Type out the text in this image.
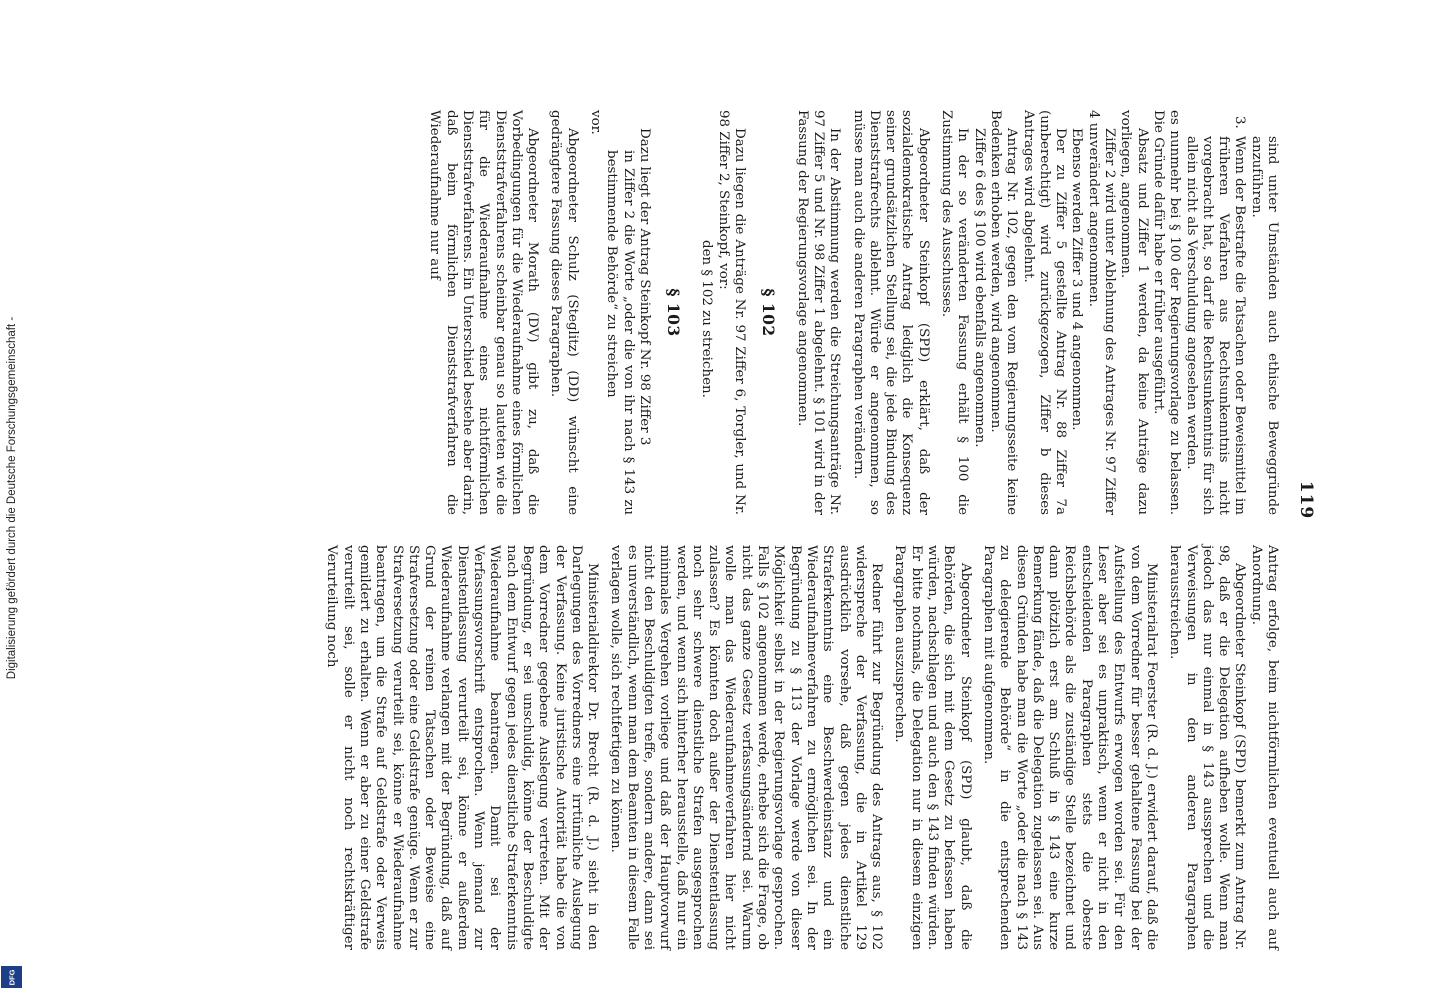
119

sind unter Umständen auch ethische Beweggründe anzuführen.

3.
Wenn der Bestrafte die Tatsachen oder Beweismittel im früheren Verfahren aus Rechtsunkenntnis nicht vorgebracht hat, so darf die Rechtsunkenntnis für sich allein nicht als Verschuldung angesehen werden.

es nunmehr bei § 100 der Regierungsvorlage zu belassen. Die Gründe dafür habe er früher ausgeführt.

Absatz und Ziffer 1 werden, da keine Anträge dazu vorliegen, angenommen.

Ziffer 2 wird unter Ablehnung des Antrages Nr. 97 Ziffer 4 unverändert angenommen.

Ebenso werden Ziffer 3 und 4 angenommen.

Der zu Ziffer 5 gestellte Antrag Nr. 88 Ziffer 7a (unberechtigt) wird zurückgezogen, Ziffer b dieses Antrages wird abgelehnt.

Antrag Nr. 102, gegen den vom Regierungsseite keine Bedenken erhoben werden, wird angenommen.

Ziffer 6 des § 100 wird ebenfalls angenommen.

In der so veränderten Fassung erhält § 100 die Zustimmung des Ausschusses.

Abgeordneter Steinkopf (SPD) erklärt, daß der sozialdemokratische Antrag lediglich die Konsequenz seiner grundsätzlichen Stellung sei, die jede Bindung des Dienststrafrechts ablehnt. Würde er angenommen, so müsse man auch die anderen Paragraphen verändern.

In der Abstimmung werden die Streichungsanträge Nr. 97 Ziffer 5 und Nr. 98 Ziffer 1 abgelehnt. § 101 wird in der Fassung der Regierungsvorlage angenommen.

§ 102

Dazu liegen die Anträge Nr. 97 Ziffer 6, Torgler, und Nr. 98 Ziffer 2, Steinkopf, vor:

den § 102 zu streichen.

§ 103

Dazu liegt der Antrag Steinkopf Nr. 98 Ziffer 3

in Ziffer 2 die Worte „oder die von ihr nach § 143 zu bestimmende Behörde“ zu streichen

vor.

Abgeordneter Schulz (Steglitz) (DD) wünscht eine gedrängtere Fassung dieses Paragraphen.

Abgeordneter Morath (DV) gibt zu, daß die Vorbedingungen für die Wiederaufnahme eines förmlichen Dienststrafverfahrens scheinbar genau so lauteten wie die für die Wiederaufnahme eines nichtförmlichen Dienststrafverfahrens. Ein Unterschied bestehe aber darin, daß beim förmlichen Dienststrafverfahren die Wiederaufnahme nur auf

Antrag erfolge, beim nichtförmlichen eventuell auch auf Anordnung.

Abgeordneter Steinkopf (SPD) bemerkt zum Antrag Nr. 98, daß er die Delegation aufheben wolle. Wenn man jedoch das nur einmal in § 143 aussprechen und die Verweisungen in den anderen Paragraphen herausstreichen.

Ministerialrat Foerster (R. d. J.) erwidert darauf, daß die von dem Vorredner für besser gehaltene Fassung bei der Aufstellung des Entwurfs erwogen worden sei. Für den Leser aber sei es unpraktisch, wenn er nicht in den entscheidenden Paragraphen stets die oberste Reichsbehörde als die zuständige Stelle bezeichnet und dann plötzlich erst am Schluß in § 143 eine kurze Bemerkung fände, daß die Delegation zugelassen sei. Aus diesen Gründen habe man die Worte „oder die nach § 143 zu delegierende Behörde“ in die entsprechenden Paragraphen mit aufgenommen.

Abgeordneter Steinkopf (SPD) glaubt, daß die Behörden, die sich mit dem Gesetz zu befassen haben würden, nachschlagen und auch den § 143 finden würden. Er bitte nochmals, die Delegation nur in diesem einzigen Paragraphen auszusprechen.

Redner führt zur Begründung des Antrags aus, § 102 widerspreche der Verfassung, die in Artikel 129 ausdrücklich vorsehe, daß gegen jedes dienstliche Straferkenntnis eine Beschwerdeinstanz und ein Wiederaufnahmeverfahren zu ermöglichen sei. In der Begründung zu § 113 der Vorlage werde von dieser Möglichkeit selbst in der Regierungsvorlage gesprochen. Falls § 102 angenommen werde, erhebe sich die Frage, ob nicht das ganze Gesetz verfassungsändernd sei. Warum wolle man das Wiederaufnahmeverfahren hier nicht zulassen? Es könnten doch außer der Dienstentlassung noch sehr schwere dienstliche Strafen ausgesprochen werden, und wenn sich hinterher herausstelle, daß nur ein minimales Vergehen vorliege und daß der Hauptvorwurf nicht den Beschuldigten treffe, sondern andere, dann sei es unverständlich, wenn man dem Beamten in diesem Falle verlagen wolle, sich rechtfertigen zu können.

Ministerialdirektor Dr. Brecht (R. d. J.) sieht in den Darlegungen des Vorredners eine irrtümliche Auslegung der Verfassung. Keine juristische Autorität habe die von dem Vorredner gegebene Auslegung vertreten. Mit der Begründung, er sei unschuldig, könne der Beschuldigte nach dem Entwurf gegen jedes dienstliche Straferkenntnis Wiederaufnahme beantragen. Damit sei der Verfassungsvorschrift entsprochen. Wenn jemand zur Dienstentlassung verurteilt sei, könne er außerdem Wiederaufnahme verlangen mit der Begründung, daß auf Grund der reinen Tatsachen oder Beweise eine Strafversetzung oder eine Geldstrafe genüge. Wenn er zur Strafversetzung verurteilt sei, könne er Wiederaufnahme beantragen, um die Strafe auf Geldstrafe oder Verweis gemildert zu erhalten. Wenn er aber zu einer Geldstrafe verurteilt sei, solle er nicht noch rechtskräftiger Verurteilung noch

Digitalisierung gefördert durch die Deutsche Forschungsgemeinschaft -
DFG
